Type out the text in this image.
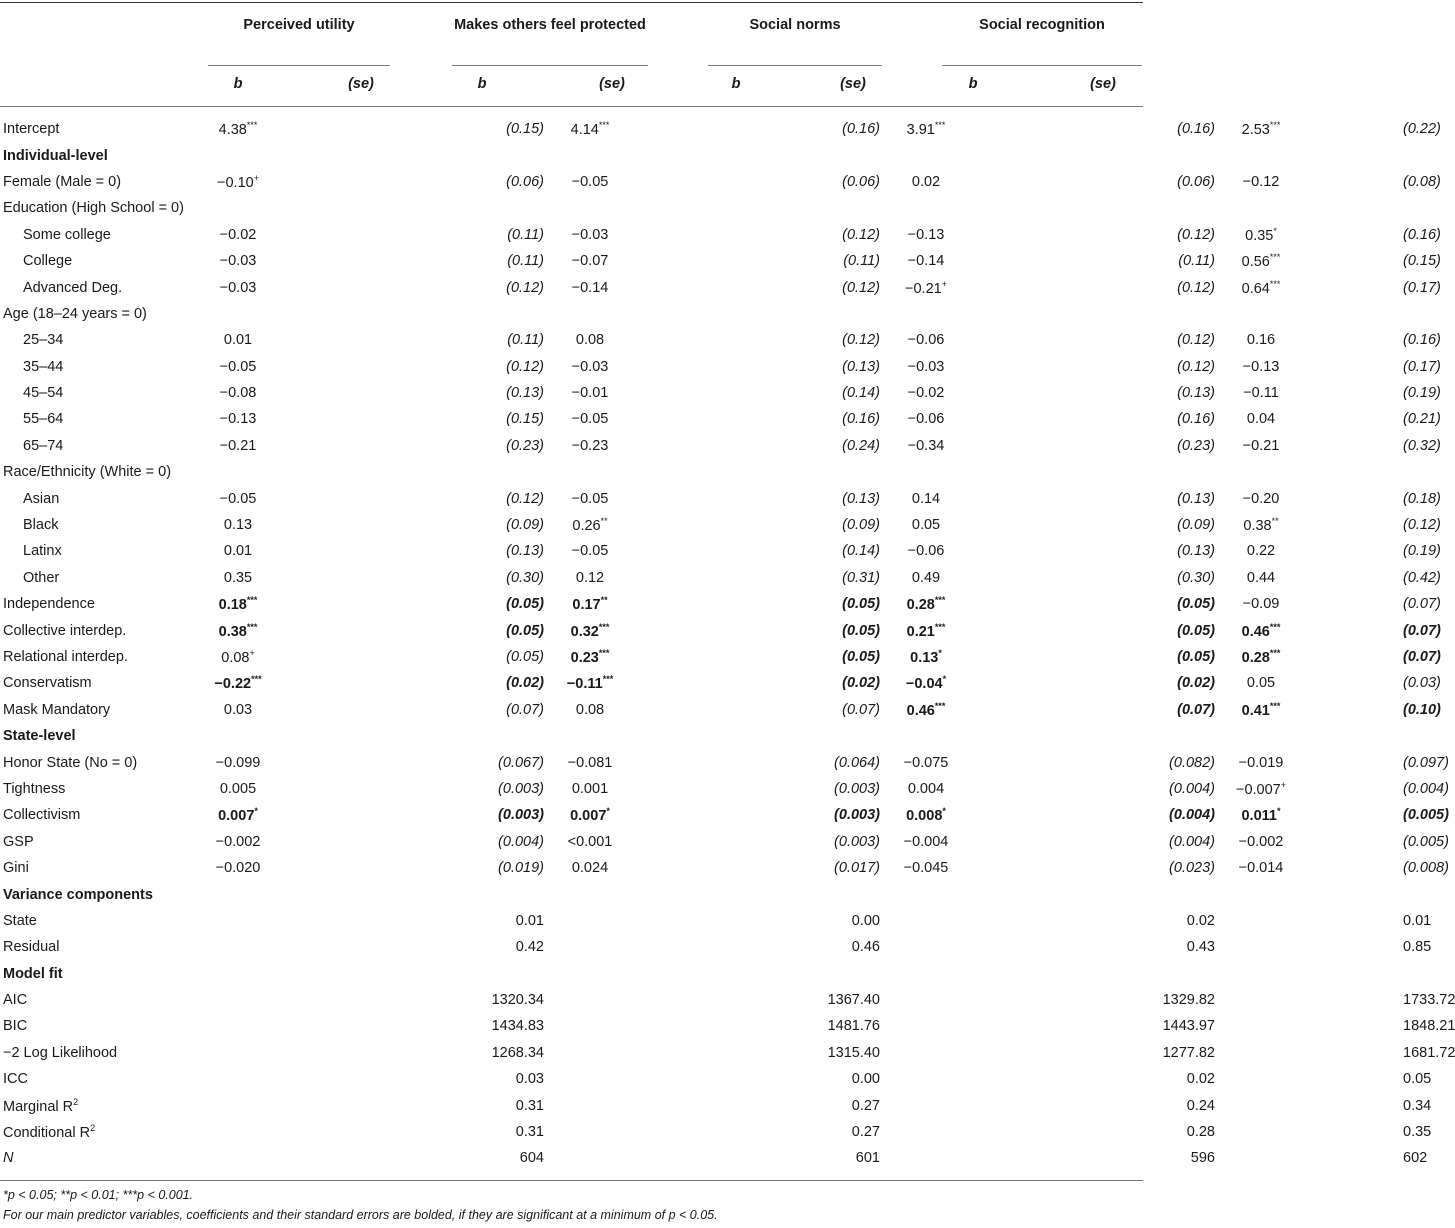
Perceived utility	Makes others feel protected	Social norms	Social recognition
b	(se)	b	(se)	b	(se)	b	(se)
Intercept	4.38***		(0.15)	4.14***		(0.16)	3.91***		(0.16)	2.53***		(0.22)
Individual-level												
Female (Male = 0)	−0.10+		(0.06)	−0.05		(0.06)	0.02		(0.06)	−0.12		(0.08)
Education (High School = 0)												
Some college	−0.02		(0.11)	−0.03		(0.12)	−0.13		(0.12)	0.35*		(0.16)
College	−0.03		(0.11)	−0.07		(0.11)	−0.14		(0.11)	0.56***		(0.15)
Advanced Deg.	−0.03		(0.12)	−0.14		(0.12)	−0.21+		(0.12)	0.64***		(0.17)
Age (18–24 years = 0)												
25–34	0.01		(0.11)	0.08		(0.12)	−0.06		(0.12)	0.16		(0.16)
35–44	−0.05		(0.12)	−0.03		(0.13)	−0.03		(0.12)	−0.13		(0.17)
45–54	−0.08		(0.13)	−0.01		(0.14)	−0.02		(0.13)	−0.11		(0.19)
55–64	−0.13		(0.15)	−0.05		(0.16)	−0.06		(0.16)	0.04		(0.21)
65–74	−0.21		(0.23)	−0.23		(0.24)	−0.34		(0.23)	−0.21		(0.32)
Race/Ethnicity (White = 0)												
Asian	−0.05		(0.12)	−0.05		(0.13)	0.14		(0.13)	−0.20		(0.18)
Black	0.13		(0.09)	0.26**		(0.09)	0.05		(0.09)	0.38**		(0.12)
Latinx	0.01		(0.13)	−0.05		(0.14)	−0.06		(0.13)	0.22		(0.19)
Other	0.35		(0.30)	0.12		(0.31)	0.49		(0.30)	0.44		(0.42)
Independence	0.18***		(0.05)	0.17**		(0.05)	0.28***		(0.05)	−0.09		(0.07)
Collective interdep.	0.38***		(0.05)	0.32***		(0.05)	0.21***		(0.05)	0.46***		(0.07)
Relational interdep.	0.08+		(0.05)	0.23***		(0.05)	0.13*		(0.05)	0.28***		(0.07)
Conservatism	−0.22***		(0.02)	−0.11***		(0.02)	−0.04*		(0.02)	0.05		(0.03)
Mask Mandatory	0.03		(0.07)	0.08		(0.07)	0.46***		(0.07)	0.41***		(0.10)
State-level												
Honor State (No = 0)	−0.099		(0.067)	−0.081		(0.064)	−0.075		(0.082)	−0.019		(0.097)
Tightness	0.005		(0.003)	0.001		(0.003)	0.004		(0.004)	−0.007+		(0.004)
Collectivism	0.007*		(0.003)	0.007*		(0.003)	0.008*		(0.004)	0.011*		(0.005)
GSP	−0.002		(0.004)	<0.001		(0.003)	−0.004		(0.004)	−0.002		(0.005)
Gini	−0.020		(0.019)	0.024		(0.017)	−0.045		(0.023)	−0.014		(0.008)
Variance components												
State			0.01			0.00			0.02			0.01
Residual			0.42			0.46			0.43			0.85
Model fit												
AIC			1320.34			1367.40			1329.82			1733.72
BIC			1434.83			1481.76			1443.97			1848.21
−2 Log Likelihood			1268.34			1315.40			1277.82			1681.72
ICC			0.03			0.00			0.02			0.05
Marginal $R^2$			0.31			0.27			0.24			0.34
Conditional $R^2$			0.31			0.27			0.28			0.35
N			604			601			596			602
*p < 0.05; **p < 0.01; ***p < 0.001.
For our main predictor variables, coefficients and their standard errors are bolded, if they are significant at a minimum of p < 0.05.
